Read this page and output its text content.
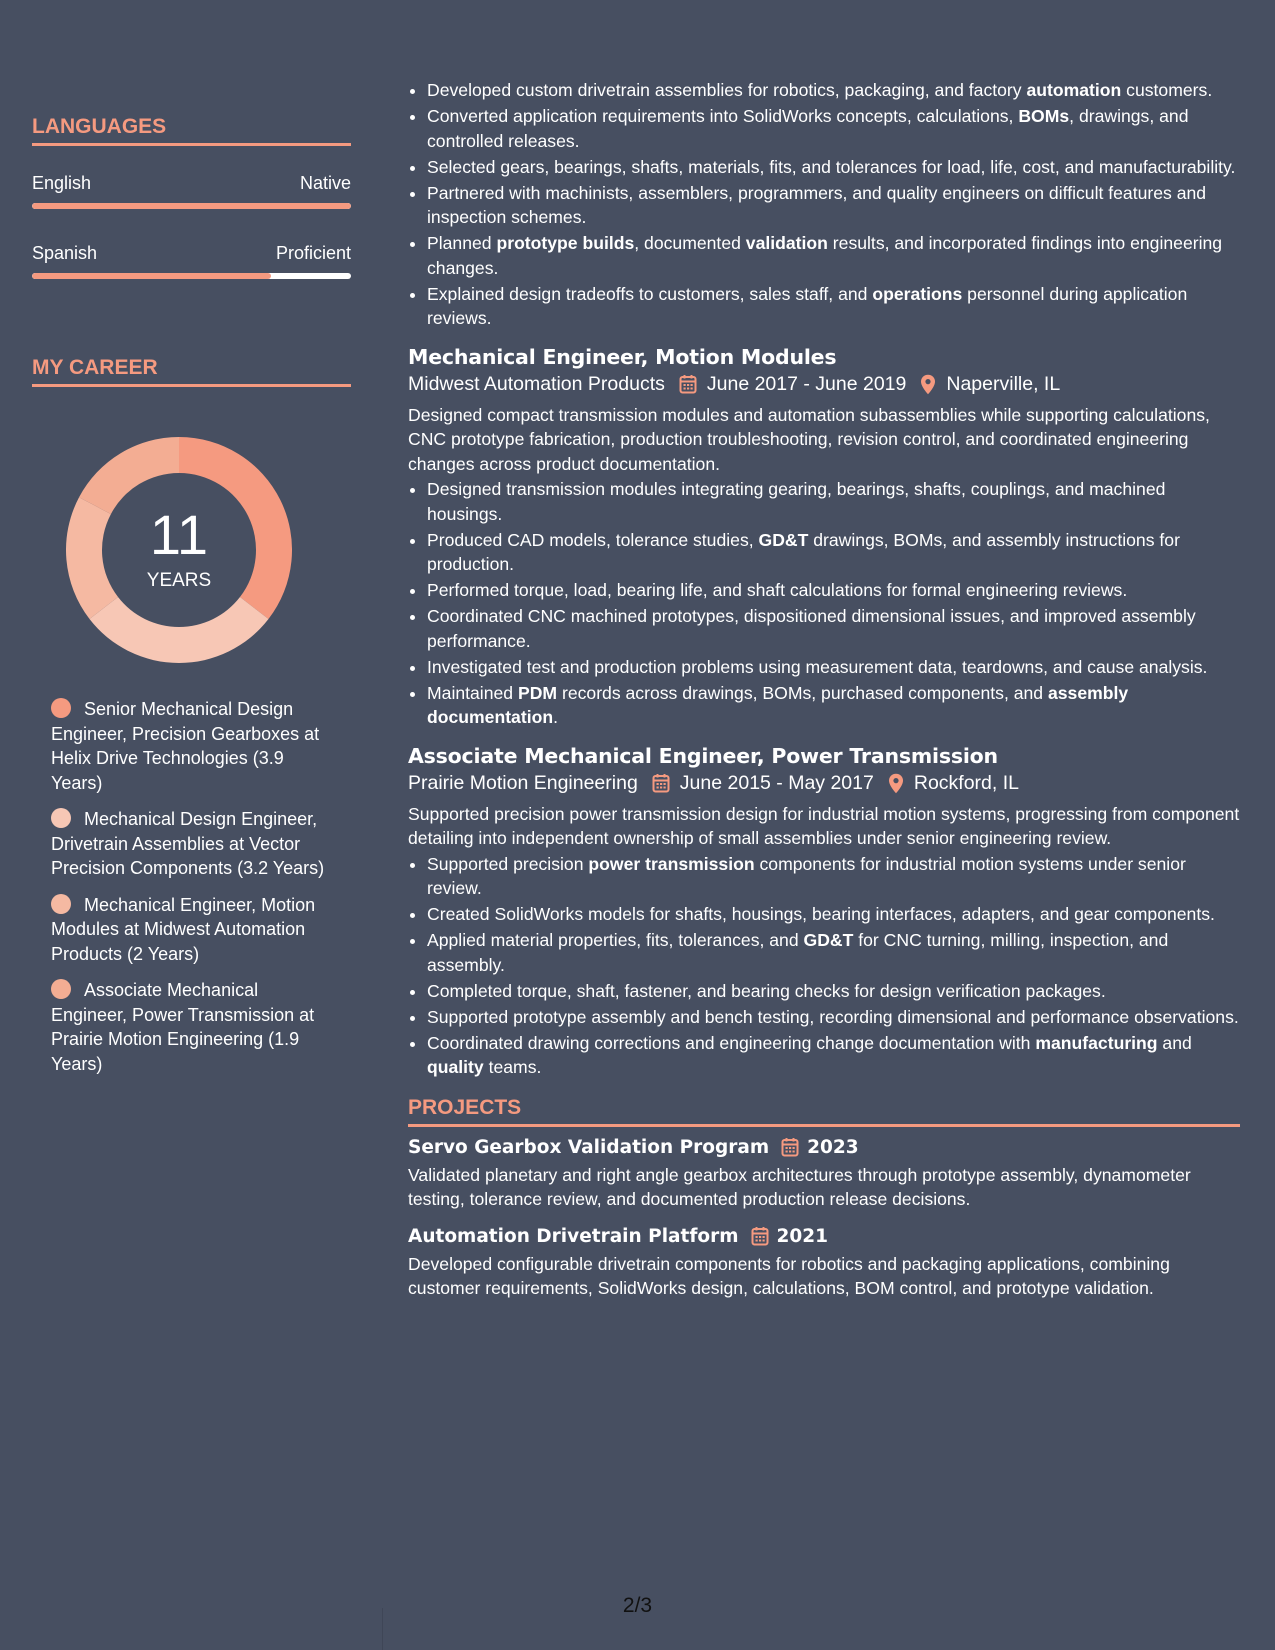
LANGUAGES
English	Native
Spanish	Proficient
MY CAREER
11
YEARS
Senior Mechanical Design Engineer, Precision Gearboxes at Helix Drive Technologies (3.9 Years)
Mechanical Design Engineer, Drivetrain Assemblies at Vector Precision Components (3.2 Years)
Mechanical Engineer, Motion Modules at Midwest Automation Products (2 Years)
Associate Mechanical Engineer, Power Transmission at Prairie Motion Engineering (1.9 Years)
• Developed custom drivetrain assemblies for robotics, packaging, and factory automation customers.
• Converted application requirements into SolidWorks concepts, calculations, BOMs, drawings, and controlled releases.
• Selected gears, bearings, shafts, materials, fits, and tolerances for load, life, cost, and manufacturability.
• Partnered with machinists, assemblers, programmers, and quality engineers on difficult features and inspection schemes.
• Planned prototype builds, documented validation results, and incorporated findings into engineering changes.
• Explained design tradeoffs to customers, sales staff, and operations personnel during application reviews.
Mechanical Engineer, Motion Modules
Midwest Automation Products June 2017 - June 2019 Naperville, IL
Designed compact transmission modules and automation subassemblies while supporting calculations, CNC prototype fabrication, production troubleshooting, revision control, and coordinated engineering changes across product documentation.
• Designed transmission modules integrating gearing, bearings, shafts, couplings, and machined housings.
• Produced CAD models, tolerance studies, GD&T drawings, BOMs, and assembly instructions for production.
• Performed torque, load, bearing life, and shaft calculations for formal engineering reviews.
• Coordinated CNC machined prototypes, dispositioned dimensional issues, and improved assembly performance.
• Investigated test and production problems using measurement data, teardowns, and cause analysis.
• Maintained PDM records across drawings, BOMs, purchased components, and assembly documentation.
Associate Mechanical Engineer, Power Transmission
Prairie Motion Engineering June 2015 - May 2017 Rockford, IL
Supported precision power transmission design for industrial motion systems, progressing from component detailing into independent ownership of small assemblies under senior engineering review.
• Supported precision power transmission components for industrial motion systems under senior review.
• Created SolidWorks models for shafts, housings, bearing interfaces, adapters, and gear components.
• Applied material properties, fits, tolerances, and GD&T for CNC turning, milling, inspection, and assembly.
• Completed torque, shaft, fastener, and bearing checks for design verification packages.
• Supported prototype assembly and bench testing, recording dimensional and performance observations.
• Coordinated drawing corrections and engineering change documentation with manufacturing and quality teams.
PROJECTS
Servo Gearbox Validation Program 2023
Validated planetary and right angle gearbox architectures through prototype assembly, dynamometer testing, tolerance review, and documented production release decisions.
Automation Drivetrain Platform 2021
Developed configurable drivetrain components for robotics and packaging applications, combining customer requirements, SolidWorks design, calculations, BOM control, and prototype validation.
2/3
